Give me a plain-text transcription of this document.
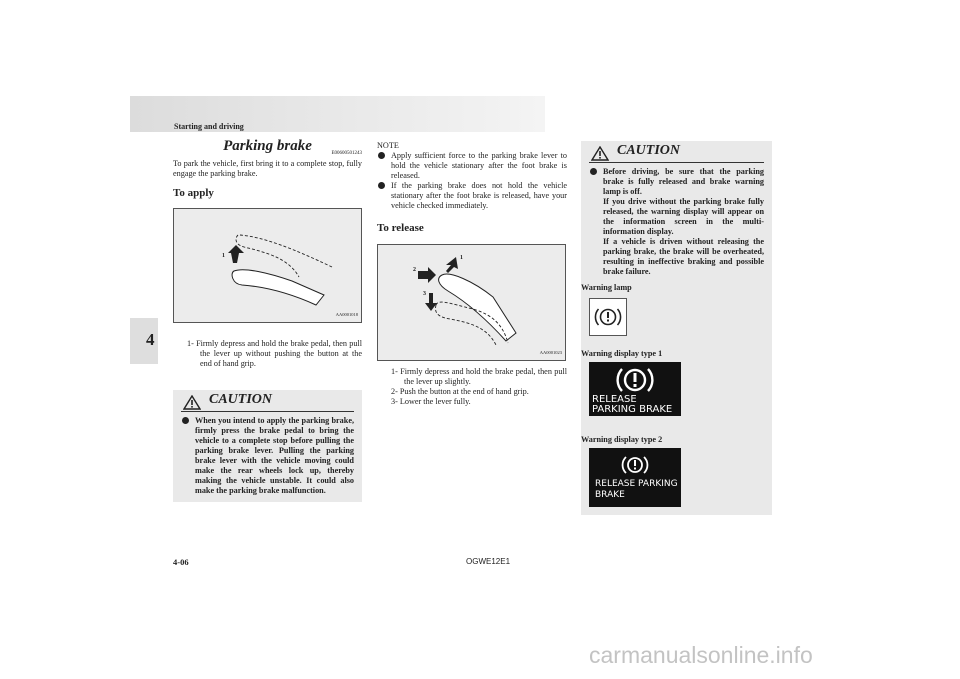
Starting and driving
4
Parking brake	E00600501243
To park the vehicle, first bring it to a complete stop, fully engage the parking brake.
To apply
1
AA0001018
1- Firmly depress and hold the brake pedal, then pull the lever up without pushing the button at the end of hand grip.
CAUTION
When you intend to apply the parking brake, firmly press the brake pedal to bring the vehicle to a complete stop before pulling the parking brake lever. Pulling the parking brake lever with the vehicle moving could make the rear wheels lock up, thereby making the vehicle unstable. It could also make the parking brake malfunction.
NOTE
Apply sufficient force to the parking brake lever to hold the vehicle stationary after the foot brake is released.
If the parking brake does not hold the vehicle stationary after the foot brake is released, have your vehicle checked immediately.
To release
1
2
3
AA0001023
1- Firmly depress and hold the brake pedal, then pull the lever up slightly.
2- Push the button at the end of hand grip.
3- Lower the lever fully.
CAUTION
Before driving, be sure that the parking brake is fully released and brake warning lamp is off.
If you drive without the parking brake fully released, the warning display will appear on the information screen in the multi-information display.
If a vehicle is driven without releasing the parking brake, the brake will be overheated, resulting in ineffective braking and possible brake failure.
Warning lamp
Warning display type 1
RELEASE
PARKING BRAKE
Warning display type 2
RELEASE PARKING
BRAKE
4-06	OGWE12E1
carmanualsonline.info
